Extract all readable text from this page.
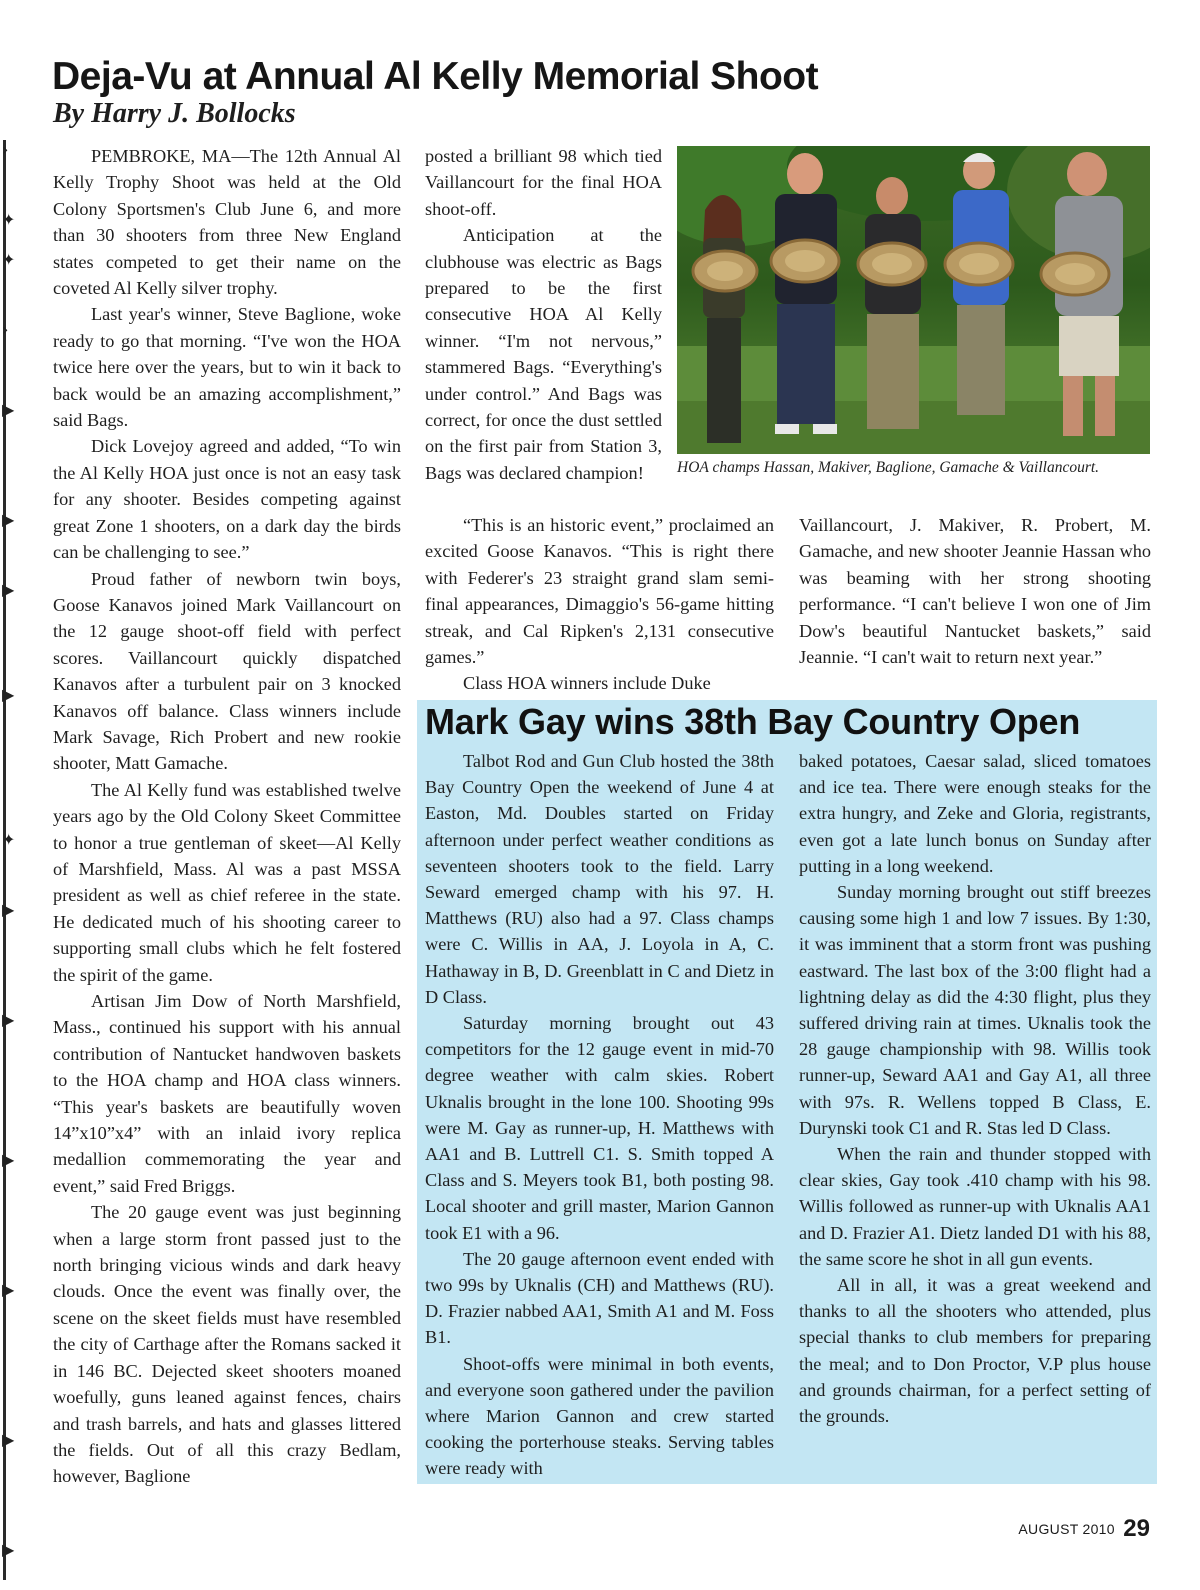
›
✦
✦
›
▶
▶
▶
▶
✦
▶
▶
▶
▶
▶
▶
Deja-Vu at Annual Al Kelly Memorial Shoot
By Harry J. Bollocks

PEMBROKE, MA—The 12th Annual Al Kelly Trophy Shoot was held at the Old Colony Sportsmen's Club June 6, and more than 30 shooters from three New England states competed to get their name on the coveted Al Kelly silver trophy.

Last year's winner, Steve Baglione, woke ready to go that morning. “I've won the HOA twice here over the years, but to win it back to back would be an amazing accomplishment,” said Bags.

Dick Lovejoy agreed and added, “To win the Al Kelly HOA just once is not an easy task for any shooter. Besides competing against great Zone 1 shooters, on a dark day the birds can be challenging to see.”

Proud father of newborn twin boys, Goose Kanavos joined Mark Vaillancourt on the 12 gauge shoot-off field with perfect scores. Vaillancourt quickly dispatched Kanavos after a turbulent pair on 3 knocked Kanavos off balance. Class winners include Mark Savage, Rich Probert and new rookie shooter, Matt Gamache.

The Al Kelly fund was established twelve years ago by the Old Colony Skeet Committee to honor a true gentleman of skeet—Al Kelly of Marshfield, Mass. Al was a past MSSA president as well as chief referee in the state. He dedicated much of his shooting career to supporting small clubs which he felt fostered the spirit of the game.

Artisan Jim Dow of North Marshfield, Mass., continued his support with his annual contribution of Nantucket handwoven baskets to the HOA champ and HOA class winners. “This year's baskets are beautifully woven 14”x10”x4” with an inlaid ivory replica medallion commemorating the year and event,” said Fred Briggs.

The 20 gauge event was just beginning when a large storm front passed just to the north bringing vicious winds and dark heavy clouds. Once the event was finally over, the scene on the skeet fields must have resembled the city of Carthage after the Romans sacked it in 146 BC. Dejected skeet shooters moaned woefully, guns leaned against fences, chairs and trash barrels, and hats and glasses littered the fields. Out of all this crazy Bedlam, however, Baglione

posted a brilliant 98 which tied Vaillancourt for the final HOA shoot-off.

Anticipation at the clubhouse was electric as Bags prepared to be the first consecutive HOA Al Kelly winner. “I'm not nervous,” stammered Bags. “Everything's under control.” And Bags was correct, for once the dust settled on the first pair from Station 3, Bags was declared champion!	HOA champs Hassan, Makiver, Baglione, Gamache & Vaillancourt.

“This is an historic event,” proclaimed an excited Goose Kanavos. “This is right there with Federer's 23 straight grand slam semi-final appearances, Dimaggio's 56-game hitting streak, and Cal Ripken's 2,131 consecutive games.”

Class HOA winners include Duke

Vaillancourt, J. Makiver, R. Probert, M. Gamache, and new shooter Jeannie Hassan who was beaming with her strong shooting performance. “I can't believe I won one of Jim Dow's beautiful Nantucket baskets,” said Jeannie. “I can't wait to return next year.”

Mark Gay wins 38th Bay Country Open

Talbot Rod and Gun Club hosted the 38th Bay Country Open the weekend of June 4 at Easton, Md. Doubles started on Friday afternoon under perfect weather conditions as seventeen shooters took to the field. Larry Seward emerged champ with his 97. H. Matthews (RU) also had a 97. Class champs were C. Willis in AA, J. Loyola in A, C. Hathaway in B, D. Greenblatt in C and Dietz in D Class.

Saturday morning brought out 43 competitors for the 12 gauge event in mid-70 degree weather with calm skies. Robert Uknalis brought in the lone 100. Shooting 99s were M. Gay as runner-up, H. Matthews with AA1 and B. Luttrell C1. S. Smith topped A Class and S. Meyers took B1, both posting 98. Local shooter and grill master, Marion Gannon took E1 with a 96.

The 20 gauge afternoon event ended with two 99s by Uknalis (CH) and Matthews (RU). D. Frazier nabbed AA1, Smith A1 and M. Foss B1.

Shoot-offs were minimal in both events, and everyone soon gathered under the pavilion where Marion Gannon and crew started cooking the porterhouse steaks. Serving tables were ready with

baked potatoes, Caesar salad, sliced tomatoes and ice tea. There were enough steaks for the extra hungry, and Zeke and Gloria, registrants, even got a late lunch bonus on Sunday after putting in a long weekend.

Sunday morning brought out stiff breezes causing some high 1 and low 7 issues. By 1:30, it was imminent that a storm front was pushing eastward. The last box of the 3:00 flight had a lightning delay as did the 4:30 flight, plus they suffered driving rain at times. Uknalis took the 28 gauge championship with 98. Willis took runner-up, Seward AA1 and Gay A1, all three with 97s. R. Wellens topped B Class, E. Durynski took C1 and R. Stas led D Class.

When the rain and thunder stopped with clear skies, Gay took .410 champ with his 98. Willis followed as runner-up with Uknalis AA1 and D. Frazier A1. Dietz landed D1 with his 88, the same score he shot in all gun events.

All in all, it was a great weekend and thanks to all the shooters who attended, plus special thanks to club members for preparing the meal; and to Don Proctor, V.P plus house and grounds chairman, for a perfect setting of the grounds.

AUGUST 2010 29
